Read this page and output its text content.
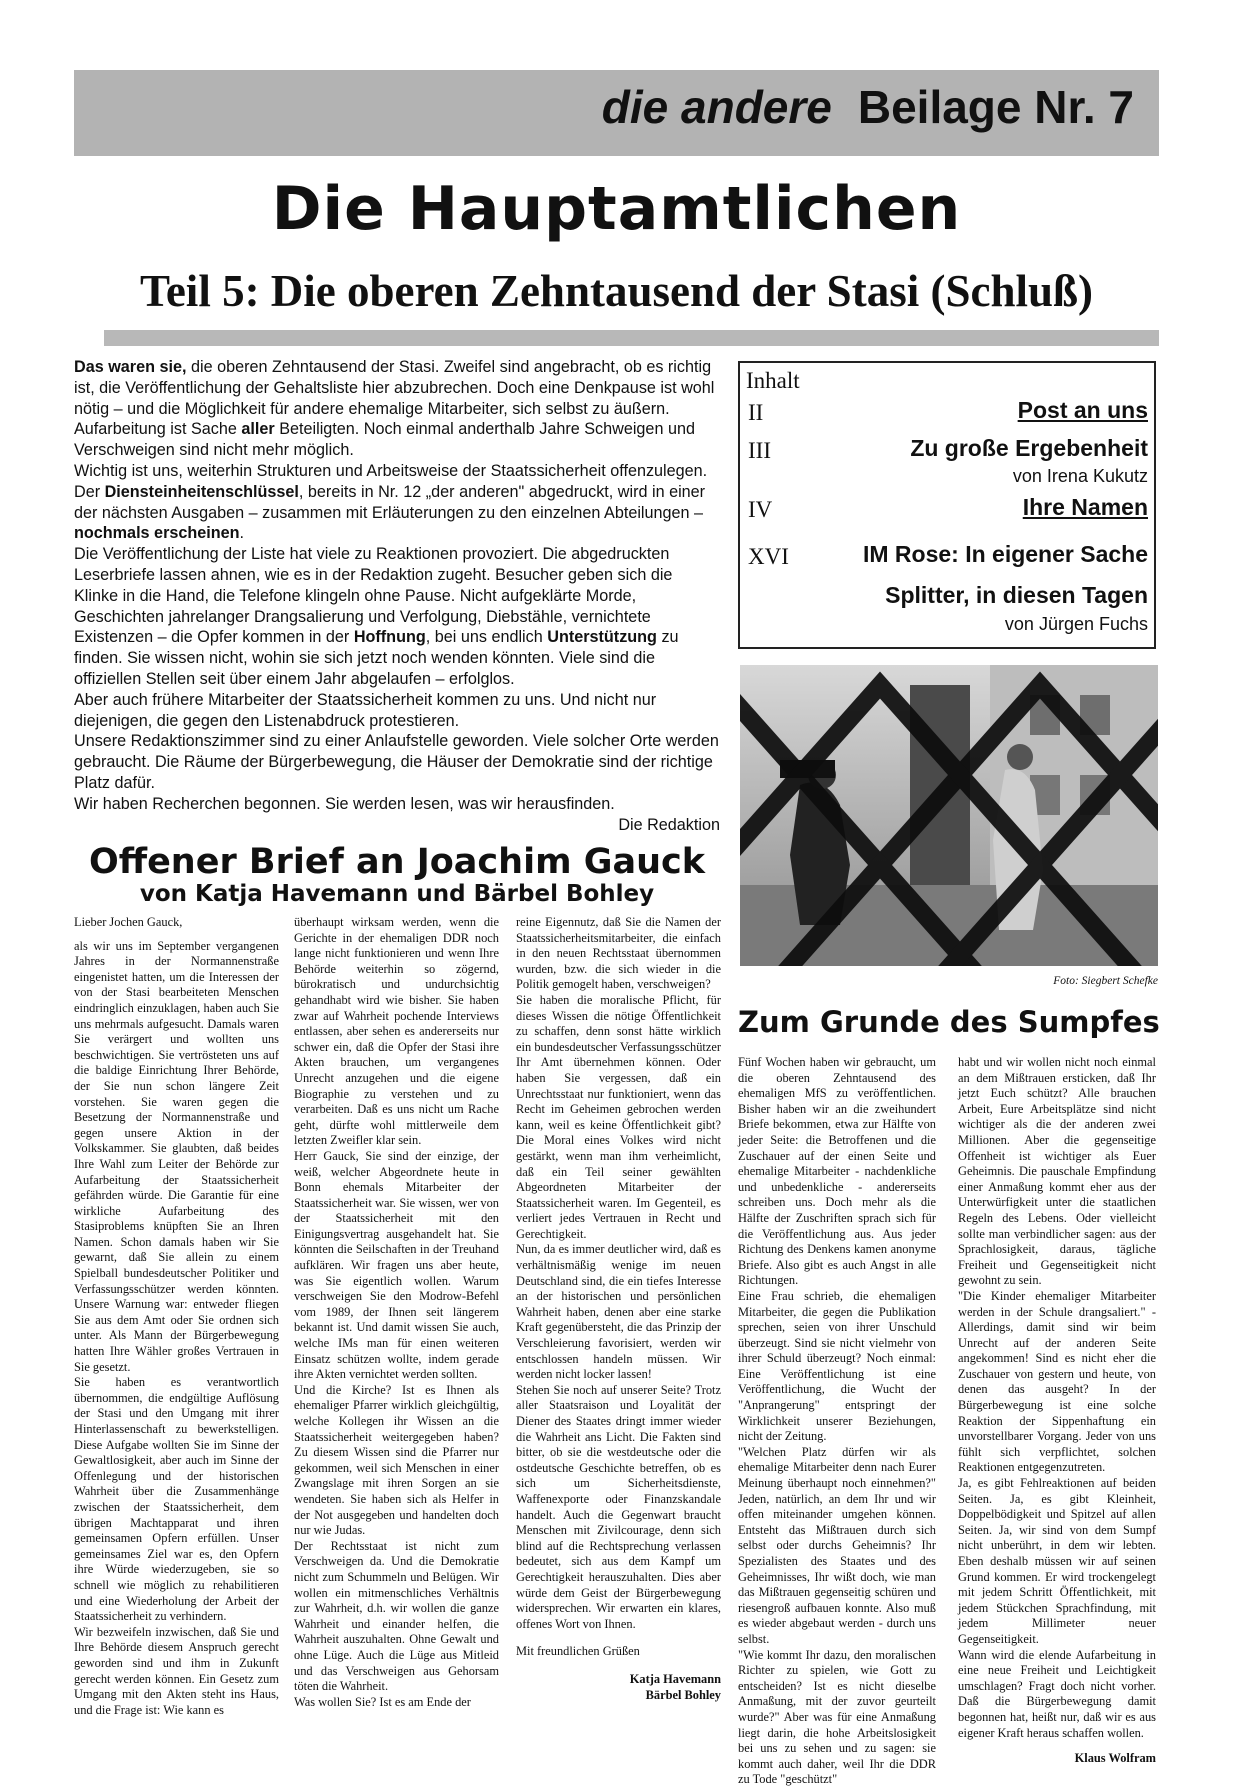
die andere Beilage Nr. 7
Die Hauptamtlichen
Teil 5: Die oberen Zehntausend der Stasi (Schluß)

Das waren sie, die oberen Zehntausend der Stasi. Zweifel sind angebracht, ob es richtig ist, die Veröffentlichung der Gehaltsliste hier abzubrechen. Doch eine Denkpause ist wohl nötig – und die Möglichkeit für andere ehemalige Mitarbeiter, sich selbst zu äußern. Aufarbeitung ist Sache aller Beteiligten. Noch einmal anderthalb Jahre Schweigen und Verschweigen sind nicht mehr möglich.

Wichtig ist uns, weiterhin Strukturen und Arbeitsweise der Staatssicherheit offenzulegen. Der Diensteinheitenschlüssel, bereits in Nr. 12 „der anderen" abgedruckt, wird in einer der nächsten Ausgaben – zusammen mit Erläuterungen zu den einzelnen Abteilungen – nochmals erscheinen.

Die Veröffentlichung der Liste hat viele zu Reaktionen provoziert. Die abgedruckten Leserbriefe lassen ahnen, wie es in der Redaktion zugeht. Besucher geben sich die Klinke in die Hand, die Telefone klingeln ohne Pause. Nicht aufgeklärte Morde, Geschichten jahrelanger Drangsalierung und Verfolgung, Diebstähle, vernichtete Existenzen – die Opfer kommen in der Hoffnung, bei uns endlich Unterstützung zu finden. Sie wissen nicht, wohin sie sich jetzt noch wenden könnten. Viele sind die offiziellen Stellen seit über einem Jahr abgelaufen – erfolglos.

Aber auch frühere Mitarbeiter der Staatssicherheit kommen zu uns. Und nicht nur diejenigen, die gegen den Listenabdruck protestieren.

Unsere Redaktionszimmer sind zu einer Anlaufstelle geworden. Viele solcher Orte werden gebraucht. Die Räume der Bürgerbewegung, die Häuser der Demokratie sind der richtige Platz dafür.

Wir haben Recherchen begonnen. Sie werden lesen, was wir herausfinden.

Die Redaktion

Inhalt
II	Post an uns
III	Zu große Ergebenheit
von Irena Kukutz
IV	Ihre Namen
XVI	IM Rose: In eigener Sache
Splitter, in diesen Tagen
von Jürgen Fuchs
Foto: Siegbert Schefke
Offener Brief an Joachim Gauck
von Katja Havemann und Bärbel Bohley

Lieber Jochen Gauck,

als wir uns im September vergangenen Jahres in der Normannenstraße eingenistet hatten, um die Interessen der von der Stasi bearbeiteten Menschen eindringlich einzuklagen, haben auch Sie uns mehrmals aufgesucht. Damals waren Sie verärgert und wollten uns beschwichtigen. Sie vertrösteten uns auf die baldige Einrichtung Ihrer Behörde, der Sie nun schon längere Zeit vorstehen. Sie waren gegen die Besetzung der Normannenstraße und gegen unsere Aktion in der Volkskammer. Sie glaubten, daß beides Ihre Wahl zum Leiter der Behörde zur Aufarbeitung der Staatssicherheit gefährden würde. Die Garantie für eine wirkliche Aufarbeitung des Stasiproblems knüpften Sie an Ihren Namen. Schon damals haben wir Sie gewarnt, daß Sie allein zu einem Spielball bundesdeutscher Politiker und Verfassungsschützer werden könnten. Unsere Warnung war: entweder fliegen Sie aus dem Amt oder Sie ordnen sich unter. Als Mann der Bürgerbewegung hatten Ihre Wähler großes Vertrauen in Sie gesetzt.

Sie haben es verantwortlich übernommen, die endgültige Auflösung der Stasi und den Umgang mit ihrer Hinterlassenschaft zu bewerkstelligen. Diese Aufgabe wollten Sie im Sinne der Gewaltlosigkeit, aber auch im Sinne der Offenlegung und der historischen Wahrheit über die Zusammenhänge zwischen der Staatssicherheit, dem übrigen Machtapparat und ihren gemeinsamen Opfern erfüllen. Unser gemeinsames Ziel war es, den Opfern ihre Würde wiederzugeben, sie so schnell wie möglich zu rehabilitieren und eine Wiederholung der Arbeit der Staatssicherheit zu verhindern.

Wir bezweifeln inzwischen, daß Sie und Ihre Behörde diesem Anspruch gerecht geworden sind und ihm in Zukunft gerecht werden können. Ein Gesetz zum Umgang mit den Akten steht ins Haus, und die Frage ist: Wie kann es

überhaupt wirksam werden, wenn die Gerichte in der ehemaligen DDR noch lange nicht funktionieren und wenn Ihre Behörde weiterhin so zögernd, bürokratisch und undurchsichtig gehandhabt wird wie bisher. Sie haben zwar auf Wahrheit pochende Interviews entlassen, aber sehen es andererseits nur schwer ein, daß die Opfer der Stasi ihre Akten brauchen, um vergangenes Unrecht anzugehen und die eigene Biographie zu verstehen und zu verarbeiten. Daß es uns nicht um Rache geht, dürfte wohl mittlerweile dem letzten Zweifler klar sein.

Herr Gauck, Sie sind der einzige, der weiß, welcher Abgeordnete heute in Bonn ehemals Mitarbeiter der Staatssicherheit war. Sie wissen, wer von der Staatssicherheit mit den Einigungsvertrag ausgehandelt hat. Sie könnten die Seilschaften in der Treuhand aufklären. Wir fragen uns aber heute, was Sie eigentlich wollen. Warum verschweigen Sie den Modrow-Befehl vom 1989, der Ihnen seit längerem bekannt ist. Und damit wissen Sie auch, welche IMs man für einen weiteren Einsatz schützen wollte, indem gerade ihre Akten vernichtet werden sollten.

Und die Kirche? Ist es Ihnen als ehemaliger Pfarrer wirklich gleichgültig, welche Kollegen ihr Wissen an die Staatssicherheit weitergegeben haben? Zu diesem Wissen sind die Pfarrer nur gekommen, weil sich Menschen in einer Zwangslage mit ihren Sorgen an sie wendeten. Sie haben sich als Helfer in der Not ausgegeben und handelten doch nur wie Judas.

Der Rechtsstaat ist nicht zum Verschweigen da. Und die Demokratie nicht zum Schummeln und Belügen. Wir wollen ein mitmenschliches Verhältnis zur Wahrheit, d.h. wir wollen die ganze Wahrheit und einander helfen, die Wahrheit auszuhalten. Ohne Gewalt und ohne Lüge. Auch die Lüge aus Mitleid und das Verschweigen aus Gehorsam töten die Wahrheit.

Was wollen Sie? Ist es am Ende der

reine Eigennutz, daß Sie die Namen der Staatssicherheitsmitarbeiter, die einfach in den neuen Rechtsstaat übernommen wurden, bzw. die sich wieder in die Politik gemogelt haben, verschweigen?

Sie haben die moralische Pflicht, für dieses Wissen die nötige Öffentlichkeit zu schaffen, denn sonst hätte wirklich ein bundesdeutscher Verfassungsschützer Ihr Amt übernehmen können. Oder haben Sie vergessen, daß ein Unrechtsstaat nur funktioniert, wenn das Recht im Geheimen gebrochen werden kann, weil es keine Öffentlichkeit gibt? Die Moral eines Volkes wird nicht gestärkt, wenn man ihm verheimlicht, daß ein Teil seiner gewählten Abgeordneten Mitarbeiter der Staatssicherheit waren. Im Gegenteil, es verliert jedes Vertrauen in Recht und Gerechtigkeit.

Nun, da es immer deutlicher wird, daß es verhältnismäßig wenige im neuen Deutschland sind, die ein tiefes Interesse an der historischen und persönlichen Wahrheit haben, denen aber eine starke Kraft gegenübersteht, die das Prinzip der Verschleierung favorisiert, werden wir entschlossen handeln müssen. Wir werden nicht locker lassen!

Stehen Sie noch auf unserer Seite? Trotz aller Staatsraison und Loyalität der Diener des Staates dringt immer wieder die Wahrheit ans Licht. Die Fakten sind bitter, ob sie die westdeutsche oder die ostdeutsche Geschichte betreffen, ob es sich um Sicherheitsdienste, Waffenexporte oder Finanzskandale handelt. Auch die Gegenwart braucht Menschen mit Zivilcourage, denn sich blind auf die Rechtsprechung verlassen bedeutet, sich aus dem Kampf um Gerechtigkeit herauszuhalten. Dies aber würde dem Geist der Bürgerbewegung widersprechen. Wir erwarten ein klares, offenes Wort von Ihnen.

Mit freundlichen Grüßen

Katja Havemann

Bärbel Bohley

Zum Grunde des Sumpfes

Fünf Wochen haben wir gebraucht, um die oberen Zehntausend des ehemaligen MfS zu veröffentlichen. Bisher haben wir an die zweihundert Briefe bekommen, etwa zur Hälfte von jeder Seite: die Betroffenen und die Zuschauer auf der einen Seite und ehemalige Mitarbeiter - nachdenkliche und unbedenkliche - andererseits schreiben uns. Doch mehr als die Hälfte der Zuschriften sprach sich für die Veröffentlichung aus. Aus jeder Richtung des Denkens kamen anonyme Briefe. Also gibt es auch Angst in alle Richtungen.

Eine Frau schrieb, die ehemaligen Mitarbeiter, die gegen die Publikation sprechen, seien von ihrer Unschuld überzeugt. Sind sie nicht vielmehr von ihrer Schuld überzeugt? Noch einmal: Eine Veröffentlichung ist eine Veröffentlichung, die Wucht der "Anprangerung" entspringt der Wirklichkeit unserer Beziehungen, nicht der Zeitung.

"Welchen Platz dürfen wir als ehemalige Mitarbeiter denn nach Eurer Meinung überhaupt noch einnehmen?" Jeden, natürlich, an dem Ihr und wir offen miteinander umgehen können. Entsteht das Mißtrauen durch sich selbst oder durchs Geheimnis? Ihr Spezialisten des Staates und des Geheimnisses, Ihr wißt doch, wie man das Mißtrauen gegenseitig schüren und riesengroß aufbauen konnte. Also muß es wieder abgebaut werden - durch uns selbst.

"Wie kommt Ihr dazu, den moralischen Richter zu spielen, wie Gott zu entscheiden? Ist es nicht dieselbe Anmaßung, mit der zuvor geurteilt wurde?" Aber was für eine Anmaßung liegt darin, die hohe Arbeitslosigkeit bei uns zu sehen und zu sagen: sie kommt auch daher, weil Ihr die DDR zu Tode "geschützt"

habt und wir wollen nicht noch einmal an dem Mißtrauen ersticken, daß Ihr jetzt Euch schützt? Alle brauchen Arbeit, Eure Arbeitsplätze sind nicht wichtiger als die der anderen zwei Millionen. Aber die gegenseitige Offenheit ist wichtiger als Euer Geheimnis. Die pauschale Empfindung einer Anmaßung kommt eher aus der Unterwürfigkeit unter die staatlichen Regeln des Lebens. Oder vielleicht sollte man verbindlicher sagen: aus der Sprachlosigkeit, daraus, tägliche Freiheit und Gegenseitigkeit nicht gewohnt zu sein.

"Die Kinder ehemaliger Mitarbeiter werden in der Schule drangsaliert." - Allerdings, damit sind wir beim Unrecht auf der anderen Seite angekommen! Sind es nicht eher die Zuschauer von gestern und heute, von denen das ausgeht? In der Bürgerbewegung ist eine solche Reaktion der Sippenhaftung ein unvorstellbarer Vorgang. Jeder von uns fühlt sich verpflichtet, solchen Reaktionen entgegenzutreten.

Ja, es gibt Fehlreaktionen auf beiden Seiten. Ja, es gibt Kleinheit, Doppelbödigkeit und Spitzel auf allen Seiten. Ja, wir sind von dem Sumpf nicht unberührt, in dem wir lebten. Eben deshalb müssen wir auf seinen Grund kommen. Er wird trockengelegt mit jedem Schritt Öffentlichkeit, mit jedem Stückchen Sprachfindung, mit jedem Millimeter neuer Gegenseitigkeit.

Wann wird die elende Aufarbeitung in eine neue Freiheit und Leichtigkeit umschlagen? Fragt doch nicht vorher. Daß die Bürgerbewegung damit begonnen hat, heißt nur, daß wir es aus eigener Kraft heraus schaffen wollen.

Klaus Wolfram
